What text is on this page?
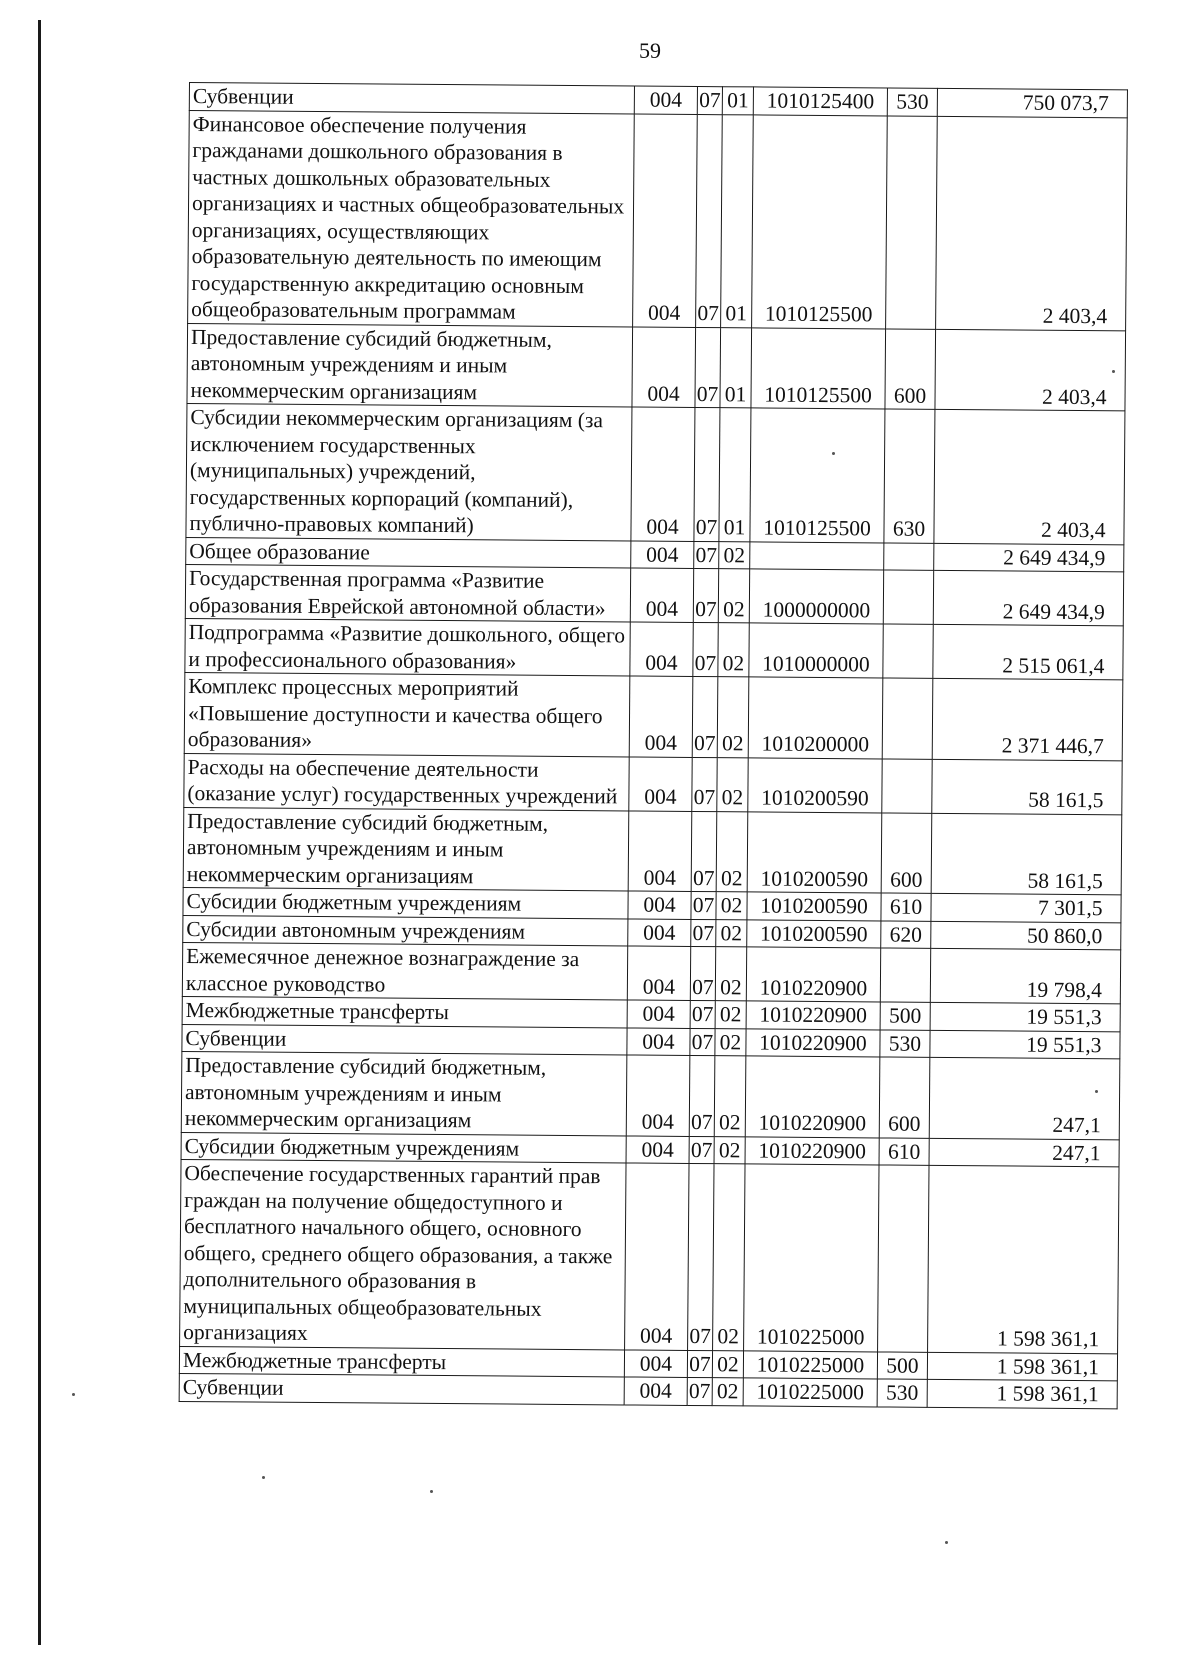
59
Субвенции	004	07	01	1010125400	530	750 073,7
Финансовое обеспечение получения гражданами дошкольного образования в частных дошкольных образовательных организациях и частных общеобразовательных организациях, осуществляющих образовательную деятельность по имеющим государственную аккредитацию основным общеобразовательным программам	004	07	01	1010125500		2 403,4
Предоставление субсидий бюджетным, автономным учреждениям и иным некоммерческим организациям	004	07	01	1010125500	600	2 403,4
Субсидии некоммерческим организациям (за исключением государственных (муниципальных) учреждений, государственных корпораций (компаний), публично-правовых компаний)	004	07	01	1010125500	630	2 403,4
Общее образование	004	07	02			2 649 434,9
Государственная программа «Развитие образования Еврейской автономной области»	004	07	02	1000000000		2 649 434,9
Подпрограмма «Развитие дошкольного, общего и профессионального образования»	004	07	02	1010000000		2 515 061,4
Комплекс процессных мероприятий «Повышение доступности и качества общего образования»	004	07	02	1010200000		2 371 446,7
Расходы на обеспечение деятельности (оказание услуг) государственных учреждений	004	07	02	1010200590		58 161,5
Предоставление субсидий бюджетным, автономным учреждениям и иным некоммерческим организациям	004	07	02	1010200590	600	58 161,5
Субсидии бюджетным учреждениям	004	07	02	1010200590	610	7 301,5
Субсидии автономным учреждениям	004	07	02	1010200590	620	50 860,0
Ежемесячное денежное вознаграждение за классное руководство	004	07	02	1010220900		19 798,4
Межбюджетные трансферты	004	07	02	1010220900	500	19 551,3
Субвенции	004	07	02	1010220900	530	19 551,3
Предоставление субсидий бюджетным, автономным учреждениям и иным некоммерческим организациям	004	07	02	1010220900	600	247,1
Субсидии бюджетным учреждениям	004	07	02	1010220900	610	247,1
Обеспечение государственных гарантий прав граждан на получение общедоступного и бесплатного начального общего, основного общего, среднего общего образования, а также дополнительного образования в муниципальных общеобразовательных организациях	004	07	02	1010225000		1 598 361,1
Межбюджетные трансферты	004	07	02	1010225000	500	1 598 361,1
Субвенции	004	07	02	1010225000	530	1 598 361,1
